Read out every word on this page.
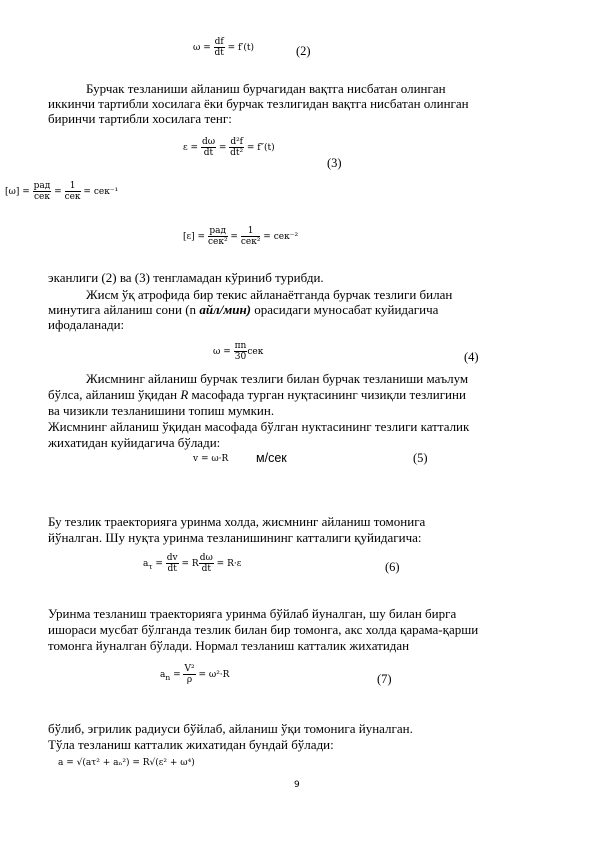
$\omega = \frac{df}{dt} = f'(t)$	(2)
Бурчак тезланиши айланиш бурчагидан вақтга нисбатан олинган
иккинчи тартибли хосилага ёки бурчак тезлигидан вақтга нисбатан олинган
биринчи тартибли хосилага тенг:
$\varepsilon = \frac{d\omega}{dt} = \frac{\text{d²f}}{\text{dt²}} = f''(t)$
(3)
$[\omega] = \frac{\text{рад}}{\text{сек}} = \frac{1}{\text{сек}} = сек^{-1}$
$[\varepsilon] = \frac{\text{рад}}{\text{сек²}} = \frac{1}{\text{сек²}} = сек^{-2}$
эканлиги (2) ва (3) тенгламадан кўриниб турибди.
Жисм ўқ атрофида бир текис айланаётганда бурчак тезлиги билан
минутига айланиш сони (n айл/мин) орасидаги муносабат куйидагича
ифодаланади:
$\omega = \frac{\pi n}{30}$ сек	(4)
Жисмнинг айланиш бурчак тезлиги билан бурчак тезланиши маълум
бўлса, айланиш ўқидан R масофада турган нуқтасининг чизиқли тезлигини
ва чизикли тезланишини топиш мумкин.
Жисмнинг айланиш ўқидан масофада бўлган нуктасининг тезлиги катталик
жихатидан куйидагича бўлади:
v = ω·R м/сек	(5)
Бу тезлик траекторияга уринма холда, жисмнинг айланиш томонига
йўналган. Шу нуқта уринма тезланишининг катталиги қуйидагича:
$a_\tau = \frac{dv}{dt} = R \frac{d\omega}{dt} = R\cdot\varepsilon$	(6)
Уринма тезланиш траекторияга уринма бўйлаб йуналган, шу билан бирга
ишораси мусбат бўлганда тезлик билан бир томонга, акс холда қарама-қарши
томонга йуналган бўлади. Нормал тезланиш катталик жихатидан
$a_n = \frac{\text{V²}}{\rho} = \omega^2\cdot R$	(7)
бўлиб, эгрилик радиуси бўйлаб, айланиш ўқи томонига йуналган.
Тўла тезланиш катталик жихатидан бундай бўлади:
a = √(aτ² + aₙ²) = R√(ε² + ω⁴)
9
